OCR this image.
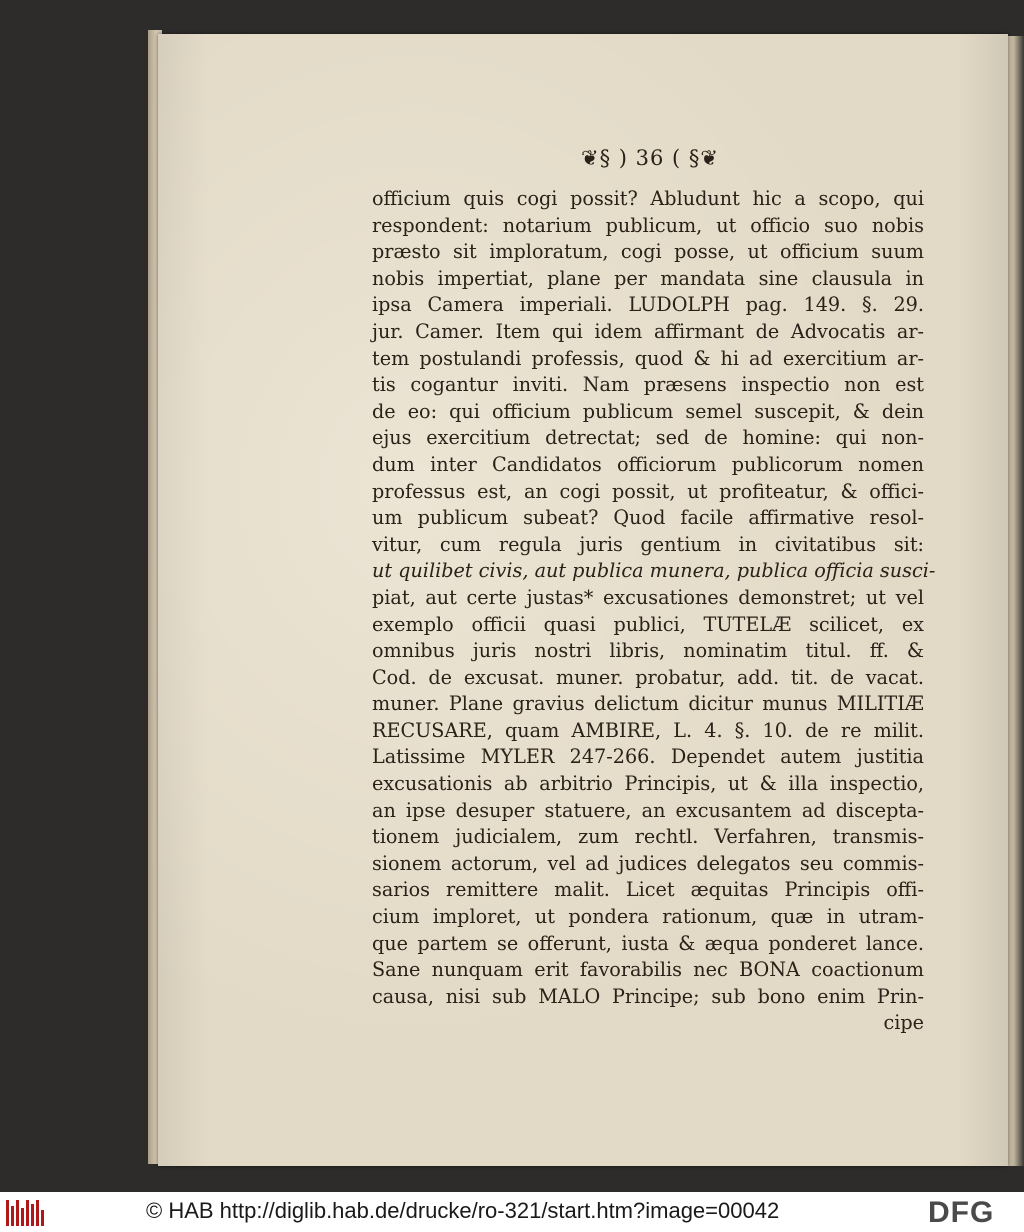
❦§ ) 36 ( §❦
officium quis cogi possit? Abludunt hic a scopo, qui
respondent: notarium publicum, ut officio suo nobis
præsto sit imploratum, cogi posse, ut officium suum
nobis impertiat, plane per mandata sine clausula in
ipsa Camera imperiali. LUDOLPH pag. 149. §. 29.
jur. Camer. Item qui idem affirmant de Advocatis ar-
tem postulandi professis, quod & hi ad exercitium ar-
tis cogantur inviti. Nam præsens inspectio non est
de eo: qui officium publicum semel suscepit, & dein
ejus exercitium detrectat; sed de homine: qui non-
dum inter Candidatos officiorum publicorum nomen
professus est, an cogi possit, ut profiteatur, & offici-
um publicum subeat? Quod facile affirmative resol-
vitur, cum regula juris gentium in civitatibus sit:
ut quilibet civis, aut publica munera, publica officia susci-
piat, aut certe justas* excusationes demonstret; ut vel
exemplo officii quasi publici, TUTELÆ scilicet, ex
omnibus juris nostri libris, nominatim titul. ff. &
Cod. de excusat. muner. probatur, add. tit. de vacat.
muner. Plane gravius delictum dicitur munus MILITIÆ
RECUSARE, quam AMBIRE, L. 4. §. 10. de re milit.
Latissime MYLER 247-266. Dependet autem justitia
excusationis ab arbitrio Principis, ut & illa inspectio,
an ipse desuper statuere, an excusantem ad discepta-
tionem judicialem, zum rechtl. Verfahren, transmis-
sionem actorum, vel ad judices delegatos seu commis-
sarios remittere malit. Licet æquitas Principis offi-
cium imploret, ut pondera rationum, quæ in utram-
que partem se offerunt, iusta & æqua ponderet lance.
Sane nunquam erit favorabilis nec BONA coactionum
causa, nisi sub MALO Principe; sub bono enim Prin-
cipe
© HAB http://diglib.hab.de/drucke/ro-321/start.htm?image=00042	DFG
